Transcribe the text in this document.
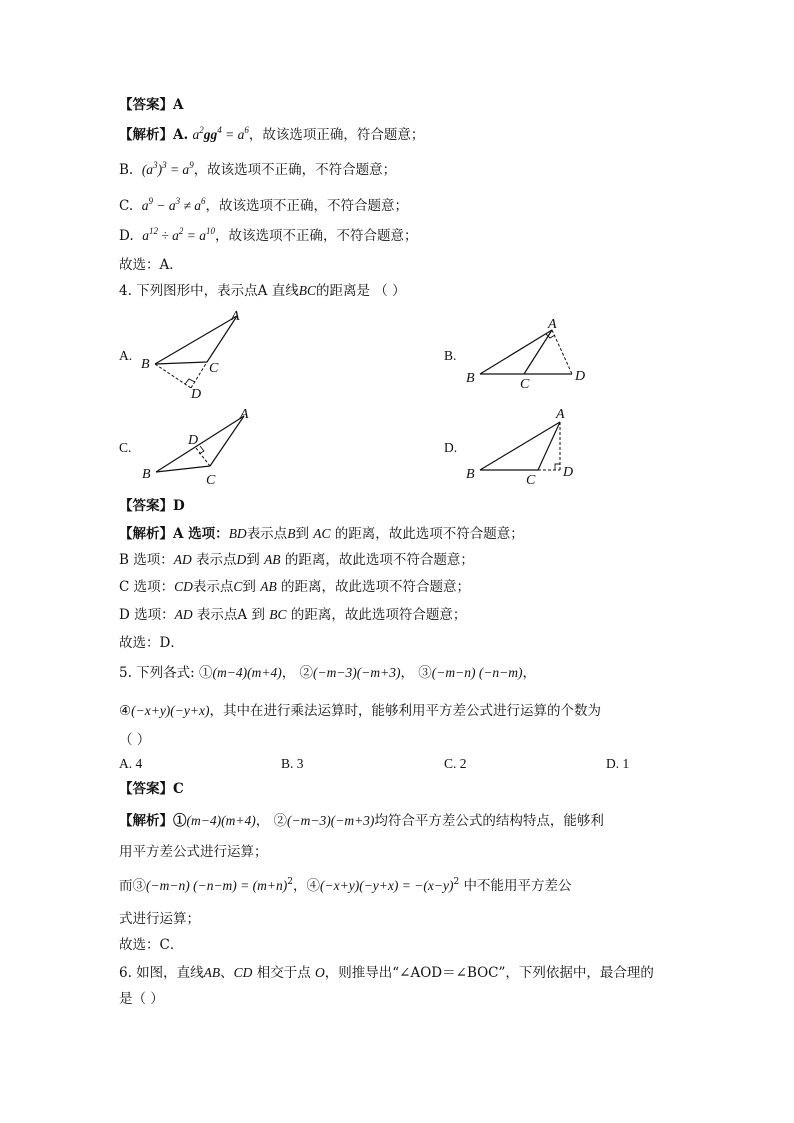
【答案】A
【解析】A. $a^2gg^4 = a^6$，故该选项正确，符合题意；
B. $(a^3)^3 = a^9$，故该选项不正确，不符合题意；
C. $a^9 - a^3 \ne a^6$，故该选项不正确，不符合题意；
D. $a^{12} \div a^2 = a^{10}$，故该选项不正确，不符合题意；
故选：A．
4. 下列图形中，表示点A 直线BC的距离是 （ ）
A.
A
B	C
D
B.
A
B	C
D
C.
A
B	C
D	D.
A
B	C
D
【答案】D
【解析】A 选项：BD表示点B到 AC 的距离，故此选项不符合题意；
B 选项：AD 表示点D到 AB 的距离，故此选项不符合题意；
C 选项：CD表示点C到 AB 的距离，故此选项不符合题意；
D 选项：AD 表示点A 到 BC 的距离，故此选项符合题意；
故选：D．
5. 下列各式: ①(m−4)(m+4)， ②(−m−3)(−m+3)， ③(−m−n) (−n−m)，
④(−x+y)(−y+x)，其中在进行乘法运算时，能够利用平方差公式进行运算的个数为
（ ）
A. 4	B. 3	C. 2	D. 1
【答案】C
【解析】①(m−4)(m+4)， ②(−m−3)(−m+3)均符合平方差公式的结构特点，能够利
用平方差公式进行运算；
而③(−m−n) $(-n-m) = (m+n)^2$，④(−x+y)(−y+x) = $-(x-y)^2$ 中不能用平方差公
式进行运算；
故选：C．
6. 如图，直线AB、CD 相交于点 O，则推导出“∠AOD＝∠BOC”，下列依据中，最合理的
是（ ）
